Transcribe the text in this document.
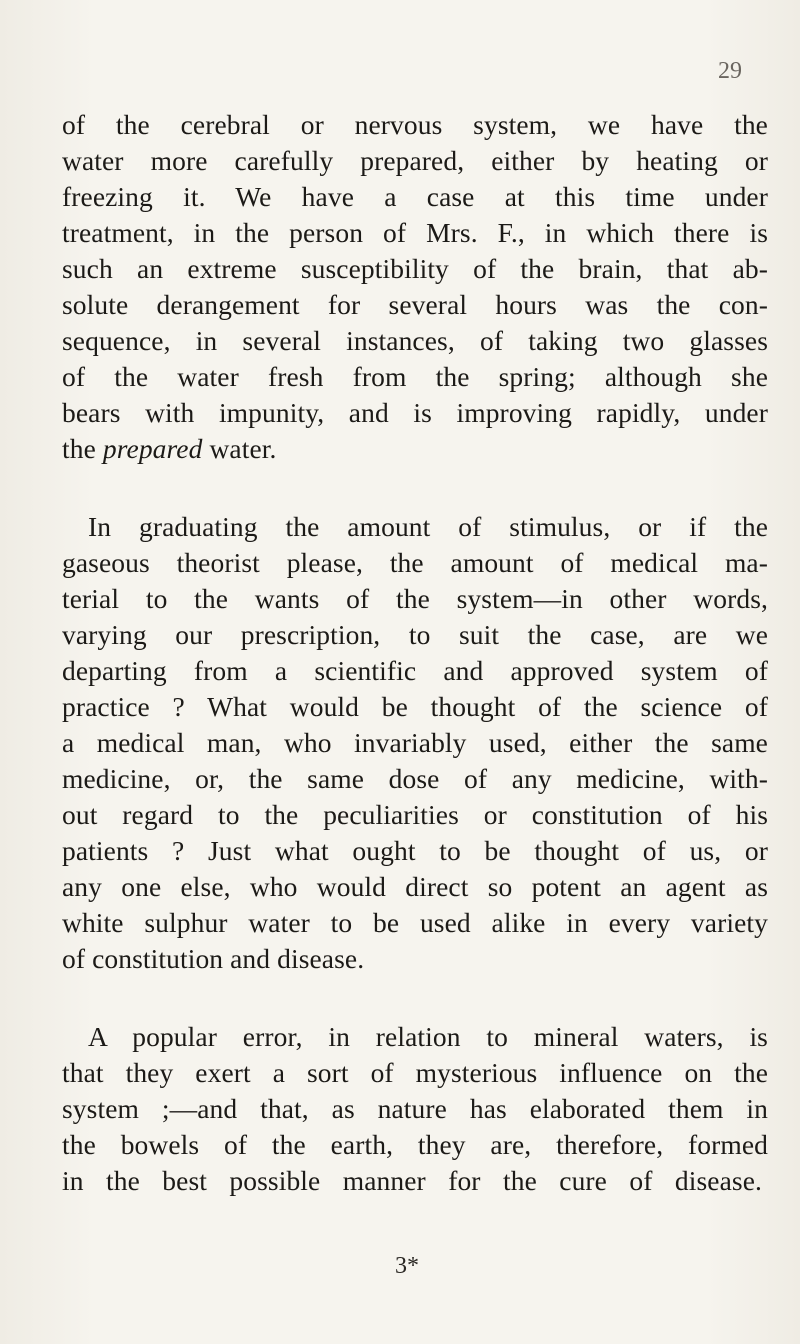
29
of the cerebral or nervous system, we have the
water more carefully prepared, either by heating or
freezing it. We have a case at this time under
treatment, in the person of Mrs. F., in which there is
such an extreme susceptibility of the brain, that ab-
solute derangement for several hours was the con-
sequence, in several instances, of taking two glasses
of the water fresh from the spring; although she
bears with impunity, and is improving rapidly, under
the prepared water.
In graduating the amount of stimulus, or if the
gaseous theorist please, the amount of medical ma-
terial to the wants of the system—in other words,
varying our prescription, to suit the case, are we
departing from a scientific and approved system of
practice ? What would be thought of the science of
a medical man, who invariably used, either the same
medicine, or, the same dose of any medicine, with-
out regard to the peculiarities or constitution of his
patients ? Just what ought to be thought of us, or
any one else, who would direct so potent an agent as
white sulphur water to be used alike in every variety
of constitution and disease.
A popular error, in relation to mineral waters, is
that they exert a sort of mysterious influence on the
system ;—and that, as nature has elaborated them in
the bowels of the earth, they are, therefore, formed
in the best possible manner for the cure of disease.
3*
